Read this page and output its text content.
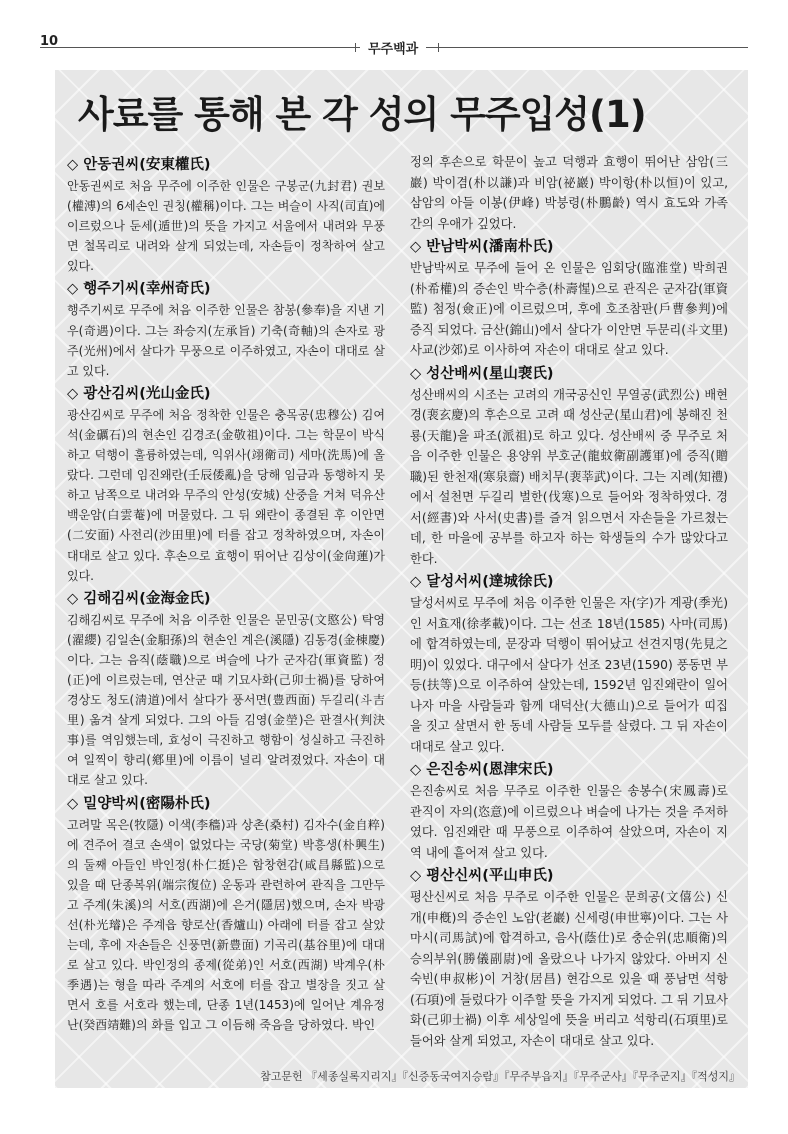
10
무주백과
사료를 통해 본 각 성의 무주입성(1)
◇ 안동권씨(安東權氏)

안동권씨로 처음 무주에 이주한 인물은 구봉군(九封君) 권보(權溥)의 6세손인 권칭(權稱)이다. 그는 벼슬이 사직(司直)에 이르렀으나 둔세(遁世)의 뜻을 가지고 서울에서 내려와 무풍면 철목리로 내려와 살게 되었는데, 자손들이 정착하여 살고 있다.

◇ 행주기씨(幸州奇氏)

행주기씨로 무주에 처음 이주한 인물은 참봉(參奉)을 지낸 기우(奇遇)이다. 그는 좌승지(左承旨) 기축(奇軸)의 손자로 광주(光州)에서 살다가 무풍으로 이주하였고, 자손이 대대로 살고 있다.

◇ 광산김씨(光山金氏)

광산김씨로 무주에 처음 정착한 인물은 충목공(忠穆公) 김여석(金礪石)의 현손인 김경조(金敬祖)이다. 그는 학문이 박식하고 덕행이 훌륭하였는데, 익위사(翊衛司) 세마(洗馬)에 올랐다. 그런데 임진왜란(壬辰倭亂)을 당해 임금과 동행하지 못하고 남쪽으로 내려와 무주의 안성(安城) 산중을 거쳐 덕유산 백운암(白雲菴)에 머물렀다. 그 뒤 왜란이 종결된 후 이안면(二安面) 사전리(沙田里)에 터를 잡고 정착하였으며, 자손이 대대로 살고 있다. 후손으로 효행이 뛰어난 김상이(金尙蓮)가 있다.

◇ 김해김씨(金海金氏)

김해김씨로 무주에 처음 이주한 인물은 문민공(文愍公) 탁영(濯纓) 김일손(金馹孫)의 현손인 계은(溪隱) 김동경(金棟慶)이다. 그는 음직(蔭職)으로 벼슬에 나가 군자감(軍資監) 정(正)에 이르렀는데, 연산군 때 기묘사화(己卯士禍)를 당하여 경상도 청도(淸道)에서 살다가 풍서면(豊西面) 두길리(斗吉里) 옮겨 살게 되었다. 그의 아들 김영(金塋)은 판결사(判決事)를 역임했는데, 효성이 극진하고 행함이 성실하고 극진하여 일찍이 향리(鄕里)에 이름이 널리 알려졌었다. 자손이 대대로 살고 있다.

◇ 밀양박씨(密陽朴氏)

고려말 목은(牧隱) 이색(李穡)과 상촌(桑村) 김자수(金自粹)에 견주어 결코 손색이 없었다는 국당(菊堂) 박흥생(朴興生)의 둘째 아들인 박인정(朴仁挺)은 함창현감(咸昌縣監)으로 있을 때 단종복위(端宗復位) 운동과 관련하여 관직을 그만두고 주계(朱溪)의 서호(西湖)에 은거(隱居)했으며, 손자 박광선(朴光璿)은 주계읍 향로산(香爐山) 아래에 터를 잡고 살았는데, 후에 자손들은 신풍면(新豊面) 기곡리(基谷里)에 대대로 살고 있다. 박인정의 종제(從弟)인 서호(西湖) 박계우(朴季遇)는 형을 따라 주계의 서호에 터를 잡고 별장을 짓고 살면서 호를 서호라 했는데, 단종 1년(1453)에 일어난 계유정난(癸酉靖難)의 화를 입고 그 이듬해 죽음을 당하였다. 박인

정의 후손으로 학문이 높고 덕행과 효행이 뛰어난 삼암(三巖) 박이겸(朴以謙)과 비암(祕巖) 박이항(朴以恒)이 있고, 삼암의 아들 이봉(伊峰) 박붕령(朴鵬齡) 역시 효도와 가족 간의 우애가 깊었다.

◇ 반남박씨(潘南朴氏)

반남박씨로 무주에 들어 온 인물은 임회당(臨淮堂) 박희권(朴希權)의 증손인 박수층(朴壽惺)으로 관직은 군자감(軍資監) 첨정(僉正)에 이르렀으며, 후에 호조참판(戶曹參判)에 증직 되었다. 금산(錦山)에서 살다가 이안면 두문리(斗文里) 사교(沙郊)로 이사하여 자손이 대대로 살고 있다.

◇ 성산배씨(星山裵氏)

성산배씨의 시조는 고려의 개국공신인 무열공(武烈公) 배현경(裵玄慶)의 후손으로 고려 때 성산군(星山君)에 봉해진 천룡(天龍)을 파조(派祖)로 하고 있다. 성산배씨 중 무주로 처음 이주한 인물은 용양위 부호군(龍蚊衛副護軍)에 증직(贈職)된 한천재(寒泉齋) 배치무(裵莘武)이다. 그는 지례(知禮)에서 설천면 두길리 벌한(伐寒)으로 들어와 정착하였다. 경서(經書)와 사서(史書)를 즐겨 읽으면서 자손들을 가르쳤는데, 한 마을에 공부를 하고자 하는 학생들의 수가 많았다고 한다.

◇ 달성서씨(達城徐氏)

달성서씨로 무주에 처음 이주한 인물은 자(字)가 계광(季光)인 서효재(徐孝載)이다. 그는 선조 18년(1585) 사마(司馬)에 합격하였는데, 문장과 덕행이 뛰어났고 선견지명(先見之明)이 있었다. 대구에서 살다가 선조 23년(1590) 풍동면 부등(扶等)으로 이주하여 살았는데, 1592년 임진왜란이 일어나자 마을 사람들과 함께 대덕산(大德山)으로 들어가 띠집을 짓고 살면서 한 동네 사람들 모두를 살렸다. 그 뒤 자손이 대대로 살고 있다.

◇ 은진송씨(恩津宋氏)

은진송씨로 처음 무주로 이주한 인물은 송봉수(宋鳳壽)로 관직이 자의(恣意)에 이르렀으나 벼슬에 나가는 것을 주저하였다. 임진왜란 때 무풍으로 이주하여 살았으며, 자손이 지역 내에 흩어져 살고 있다.

◇ 평산신씨(平山申氏)

평산신씨로 처음 무주로 이주한 인물은 문희공(文僖公) 신개(申槪)의 증손인 노암(老巖) 신세령(申世寧)이다. 그는 사마시(司馬試)에 합격하고, 음사(蔭仕)로 충순위(忠順衛)의 승의부위(勝儀副尉)에 올랐으나 나가지 않았다. 아버지 신숙빈(申叔彬)이 거창(居昌) 현감으로 있을 때 풍남면 석항(石項)에 들렀다가 이주할 뜻을 가지게 되었다. 그 뒤 기묘사화(己卯士禍) 이후 세상일에 뜻을 버리고 석항리(石項里)로 들어와 살게 되었고, 자손이 대대로 살고 있다.

참고문헌 『세종실록지리지』『신증동국여지승람』『무주부읍지』『무주군사』『무주군지』『적성지』
